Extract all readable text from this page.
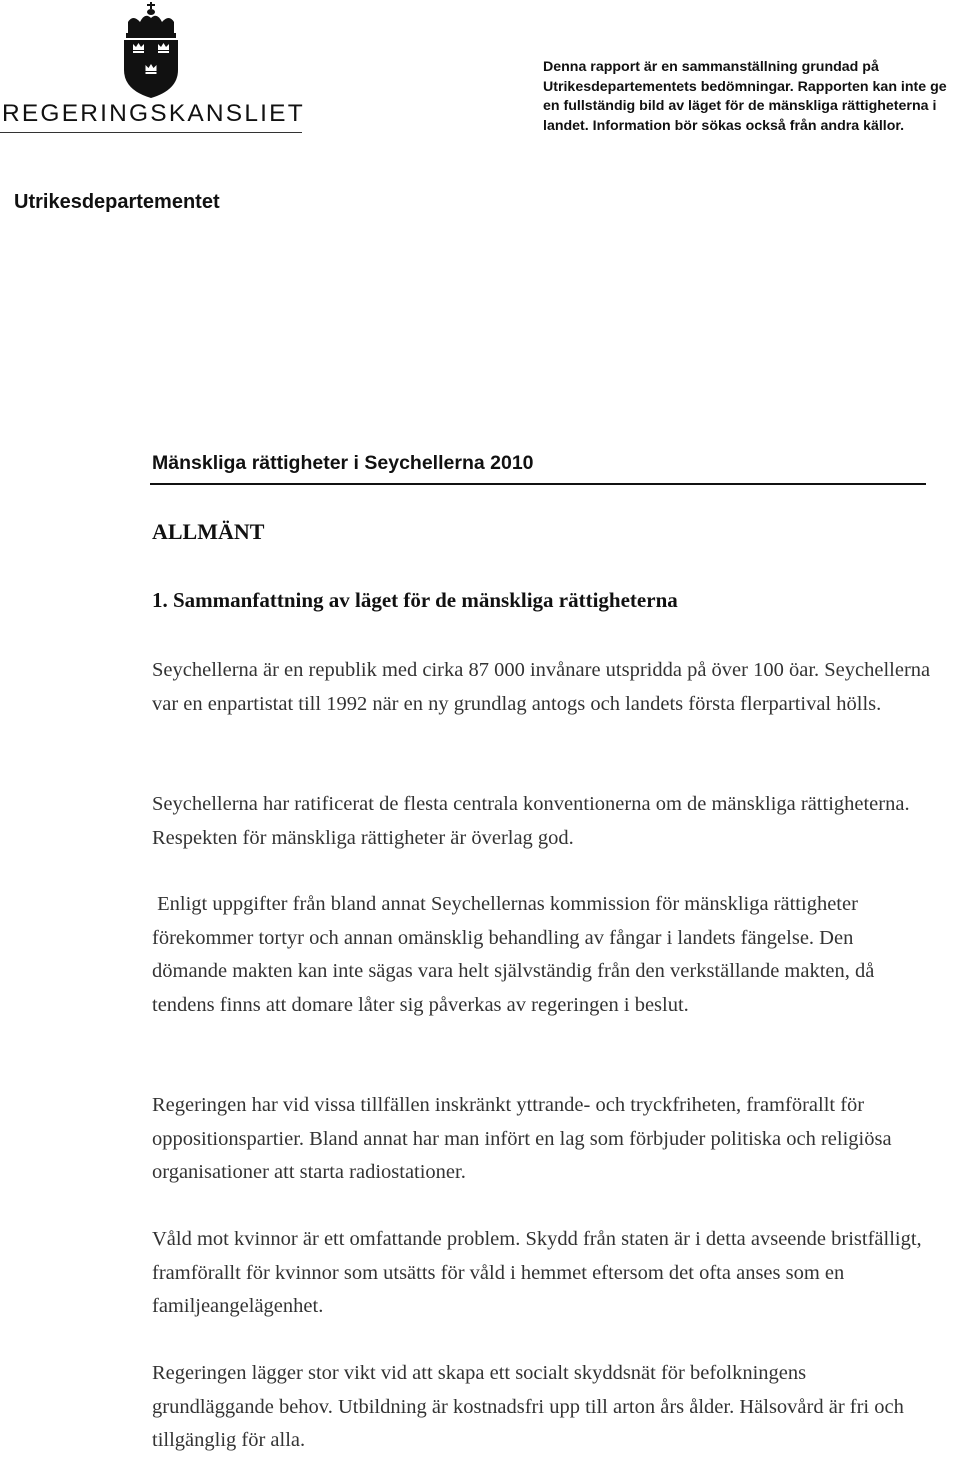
REGERINGSKANSLIET
Denna rapport är en sammanställning grundad på Utrikesdepartementets bedömningar. Rapporten kan inte ge en fullständig bild av läget för de mänskliga rättigheterna i landet. Information bör sökas också från andra källor.
Utrikesdepartementet
Mänskliga rättigheter i Seychellerna 2010
ALLMÄNT
1. Sammanfattning av läget för de mänskliga rättigheterna

Seychellerna är en republik med cirka 87 000 invånare utspridda på över 100 öar. Seychellerna var en enpartistat till 1992 när en ny grundlag antogs och landets första flerpartival hölls.

Seychellerna har ratificerat de flesta centrala konventionerna om de mänskliga rättigheterna. Respekten för mänskliga rättigheter är överlag god.

Enligt uppgifter från bland annat Seychellernas kommission för mänskliga rättigheter förekommer tortyr och annan omänsklig behandling av fångar i landets fängelse. Den dömande makten kan inte sägas vara helt självständig från den verkställande makten, då tendens finns att domare låter sig påverkas av regeringen i beslut.

Regeringen har vid vissa tillfällen inskränkt yttrande- och tryckfriheten, framförallt för oppositionspartier. Bland annat har man infört en lag som förbjuder politiska och religiösa organisationer att starta radiostationer.

Våld mot kvinnor är ett omfattande problem. Skydd från staten är i detta avseende bristfälligt, framförallt för kvinnor som utsätts för våld i hemmet eftersom det ofta anses som en familjeangelägenhet.

Regeringen lägger stor vikt vid att skapa ett socialt skyddsnät för befolkningens grundläggande behov. Utbildning är kostnadsfri upp till arton års ålder. Hälsovård är fri och tillgänglig för alla.
